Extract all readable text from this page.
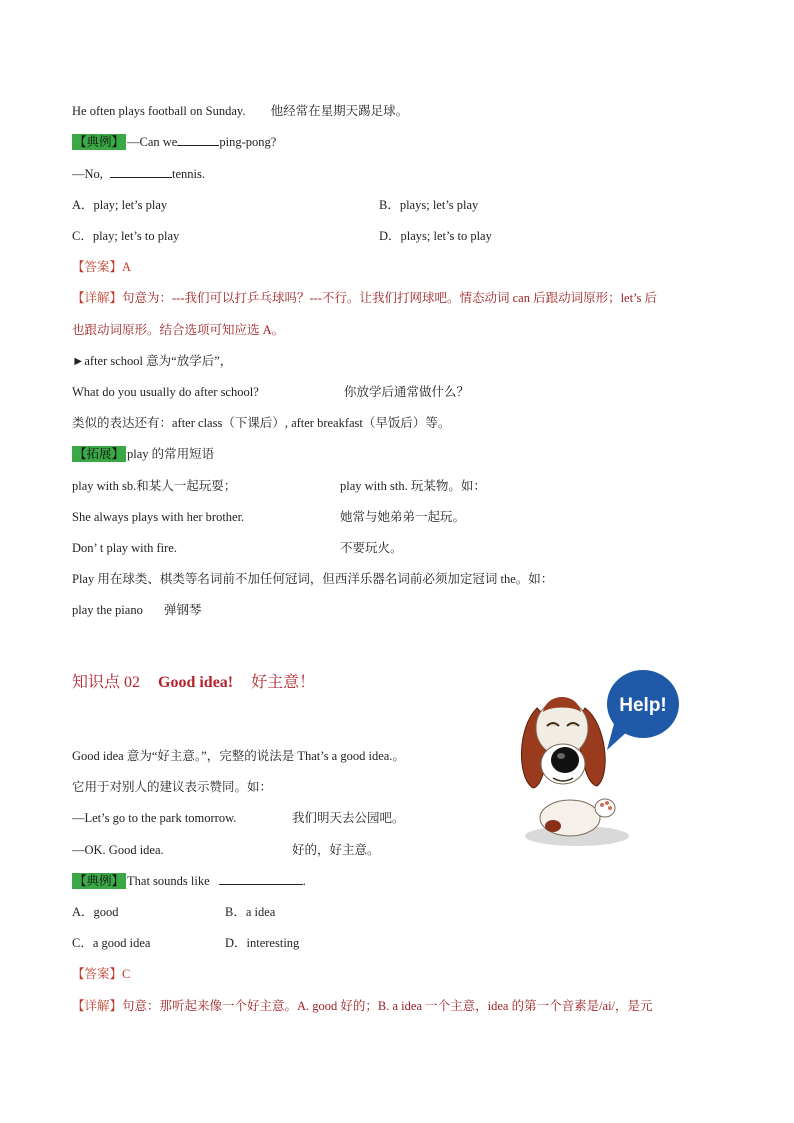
He often plays football on Sunday. 他经常在星期天踢足球。
【典例】 —Can we	ping-pong?
—No,	tennis.
A．play; let’s play	B．plays; let’s play
C．play; let’s to play	D．plays; let’s to play
【答案】A
【详解】句意为：---我们可以打乒乓球吗？---不行。让我们打网球吧。情态动词 can 后跟动词原形；let’s 后
也跟动词原形。结合选项可知应选 A。
►after school 意为“放学后”，
What do you usually do after school?	你放学后通常做什么？
类似的表达还有：after class（下课后）, after breakfast（早饭后）等。
【拓展】 play 的常用短语
play with sb.和某人一起玩耍；	play with sth. 玩某物。如：
She always plays with her brother.	她常与她弟弟一起玩。
Don’ t play with fire.	不要玩火。
Play 用在球类、棋类等名词前不加任何冠词，但西洋乐器名词前必须加定冠词 the。如：
play the piano 弹钢琴
知识点 02 Good idea! 好主意！
Help!
Good idea 意为“好主意。”，完整的说法是 That’s a good idea.。
它用于对别人的建议表示赞同。如：
—Let’s go to the park tomorrow.	我们明天去公园吧。
—OK. Good idea.	好的，好主意。
【典例】 That sounds like	.
A．good	B．a idea
C．a good idea	D．interesting
【答案】C
【详解】句意：那听起来像一个好主意。A. good 好的；B. a idea 一个主意，idea 的第一个音素是/ai/，是元
